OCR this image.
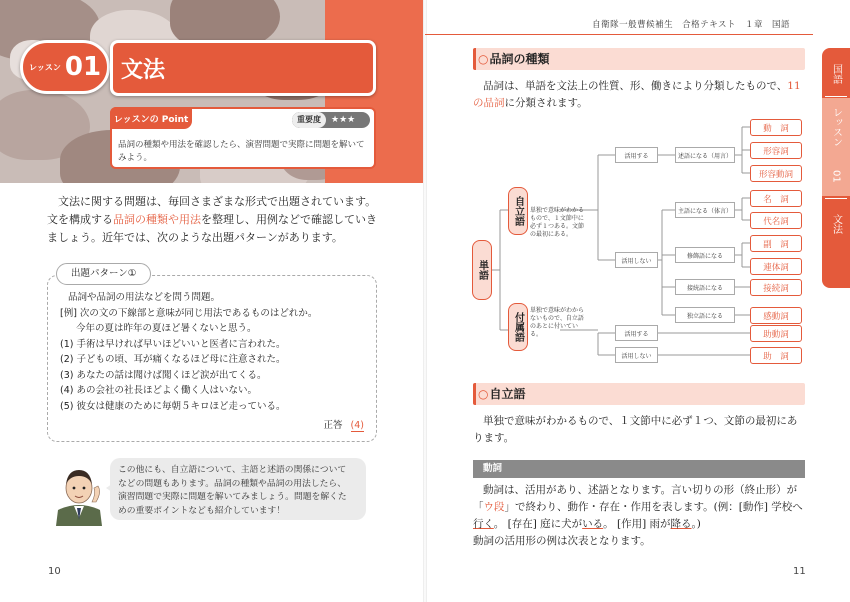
レッスン 01 文法
レッスンの Point	重要度	★★★
品詞の種類や用法を確認したら、演習問題で実際に問題を解いてみよう。
文法に関する問題は、毎回さまざまな形式で出題されています。文を構成する品詞の種類や用法を整理し、用例などで確認していきましょう。近年では、次のような出題パターンがあります。
出題パターン①
品詞や品詞の用法などを問う問題。
[例] 次の文の下線部と意味が同じ用法であるものはどれか。
今年の夏は昨年の夏ほど暑くないと思う。
(1) 手術は早ければ早いほどいいと医者に言われた。
(2) 子どもの頃、耳が痛くなるほど母に注意された。
(3) あなたの話は聞けば聞くほど涙が出てくる。
(4) あの会社の社長ほどよく働く人はいない。
(5) 彼女は健康のために毎朝５キロほど走っている。
正答 (4)
この他にも、自立語について、主語と述語の関係について
などの問題もあります。品詞の種類や品詞の用法したら、
演習問題で実際に問題を解いてみましょう。問題を解くた
めの重要ポイントなども紹介しています！
10
自衛隊一般曹候補生　合格テキスト　１章　国語
国語
レッスン
01
文法
○品詞の種類
品詞は、単語を文法上の性質、形、働きにより分類したもので、11の品詞に分類されます。
単語
自立語
付属語
単独で意味がわかるもので、１文節中に必ず１つある。文節の最初にある。
単独で意味がわからないもので、自立語のあとに付いている。
活用する
活用しない
述語になる（用言）
主語になる（体言）
修飾語になる
接続語になる
独立語になる
活用する
活用しない
動　詞
形容詞
形容動詞
名　詞
代名詞
副　詞
連体詞
接続詞
感動詞
助動詞
助　詞
○自立語
単独で意味がわかるもので、１文節中に必ず１つ、文節の最初にあります。
動詞
動詞は、活用があり、述語となります。言い切りの形（終止形）が「ウ段」で終わり、動作・存在・作用を表します。(例：[動作] 学校へ行く。 [存在] 庭に犬がいる。 [作用] 雨が降る。)
動詞の活用形の例は次表となります。
11
